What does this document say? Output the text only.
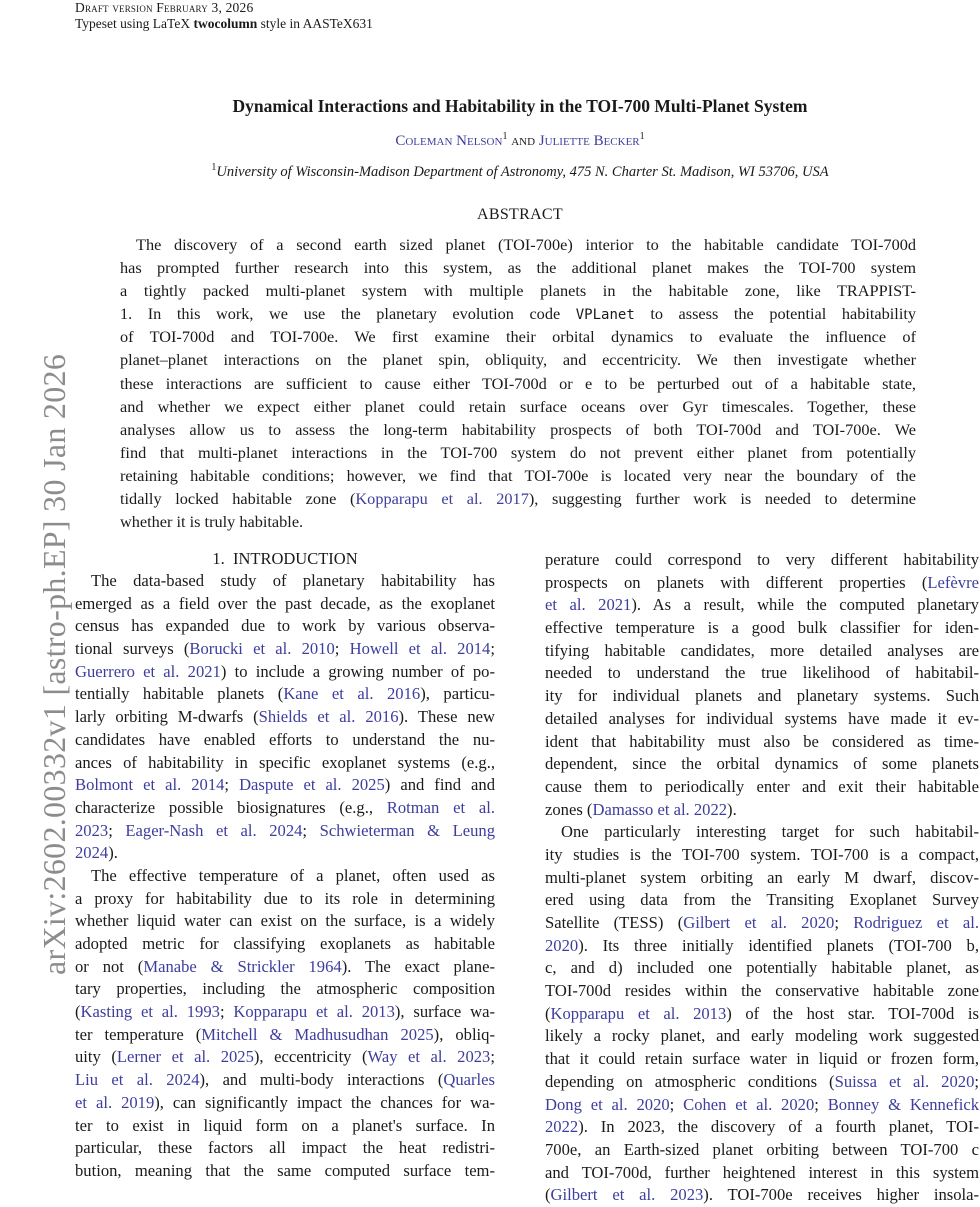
Draft version February 3, 2026
Typeset using LaTeX twocolumn style in AASTeX631
arXiv:2602.00332v1 [astro-ph.EP] 30 Jan 2026
Dynamical Interactions and Habitability in the TOI-700 Multi-Planet System
Coleman Nelson$^1$ and Juliette Becker$^1$
$^1$University of Wisconsin-Madison Department of Astronomy, 475 N. Charter St. Madison, WI 53706, USA
ABSTRACT
The discovery of a second earth sized planet (TOI-700e) interior to the habitable candidate TOI-700d
has prompted further research into this system, as the additional planet makes the TOI-700 system
a tightly packed multi-planet system with multiple planets in the habitable zone, like TRAPPIST-
1. In this work, we use the planetary evolution code VPLanet to assess the potential habitability
of TOI-700d and TOI-700e. We first examine their orbital dynamics to evaluate the influence of
planet–planet interactions on the planet spin, obliquity, and eccentricity. We then investigate whether
these interactions are sufficient to cause either TOI-700d or e to be perturbed out of a habitable state,
and whether we expect either planet could retain surface oceans over Gyr timescales. Together, these
analyses allow us to assess the long-term habitability prospects of both TOI-700d and TOI-700e. We
find that multi-planet interactions in the TOI-700 system do not prevent either planet from potentially
retaining habitable conditions; however, we find that TOI-700e is located very near the boundary of the
tidally locked habitable zone (Kopparapu et al. 2017), suggesting further work is needed to determine
whether it is truly habitable.
1. INTRODUCTION
The data-based study of planetary habitability has
emerged as a field over the past decade, as the exoplanet
census has expanded due to work by various observa-
tional surveys (Borucki et al. 2010; Howell et al. 2014;
Guerrero et al. 2021) to include a growing number of po-
tentially habitable planets (Kane et al. 2016), particu-
larly orbiting M-dwarfs (Shields et al. 2016). These new
candidates have enabled efforts to understand the nu-
ances of habitability in specific exoplanet systems (e.g.,
Bolmont et al. 2014; Daspute et al. 2025) and find and
characterize possible biosignatures (e.g., Rotman et al.
2023; Eager-Nash et al. 2024; Schwieterman & Leung
2024).
The effective temperature of a planet, often used as
a proxy for habitability due to its role in determining
whether liquid water can exist on the surface, is a widely
adopted metric for classifying exoplanets as habitable
or not (Manabe & Strickler 1964). The exact plane-
tary properties, including the atmospheric composition
(Kasting et al. 1993; Kopparapu et al. 2013), surface wa-
ter temperature (Mitchell & Madhusudhan 2025), obliq-
uity (Lerner et al. 2025), eccentricity (Way et al. 2023;
Liu et al. 2024), and multi-body interactions (Quarles
et al. 2019), can significantly impact the chances for wa-
ter to exist in liquid form on a planet's surface. In
particular, these factors all impact the heat redistri-
bution, meaning that the same computed surface tem-
perature could correspond to very different habitability
prospects on planets with different properties (Lefèvre
et al. 2021). As a result, while the computed planetary
effective temperature is a good bulk classifier for iden-
tifying habitable candidates, more detailed analyses are
needed to understand the true likelihood of habitabil-
ity for individual planets and planetary systems. Such
detailed analyses for individual systems have made it ev-
ident that habitability must also be considered as time-
dependent, since the orbital dynamics of some planets
cause them to periodically enter and exit their habitable
zones (Damasso et al. 2022).
One particularly interesting target for such habitabil-
ity studies is the TOI-700 system. TOI-700 is a compact,
multi-planet system orbiting an early M dwarf, discov-
ered using data from the Transiting Exoplanet Survey
Satellite (TESS) (Gilbert et al. 2020; Rodriguez et al.
2020). Its three initially identified planets (TOI-700 b,
c, and d) included one potentially habitable planet, as
TOI-700d resides within the conservative habitable zone
(Kopparapu et al. 2013) of the host star. TOI-700d is
likely a rocky planet, and early modeling work suggested
that it could retain surface water in liquid or frozen form,
depending on atmospheric conditions (Suissa et al. 2020;
Dong et al. 2020; Cohen et al. 2020; Bonney & Kennefick
2022). In 2023, the discovery of a fourth planet, TOI-
700e, an Earth-sized planet orbiting between TOI-700 c
and TOI-700d, further heightened interest in this system
(Gilbert et al. 2023). TOI-700e receives higher insola-
